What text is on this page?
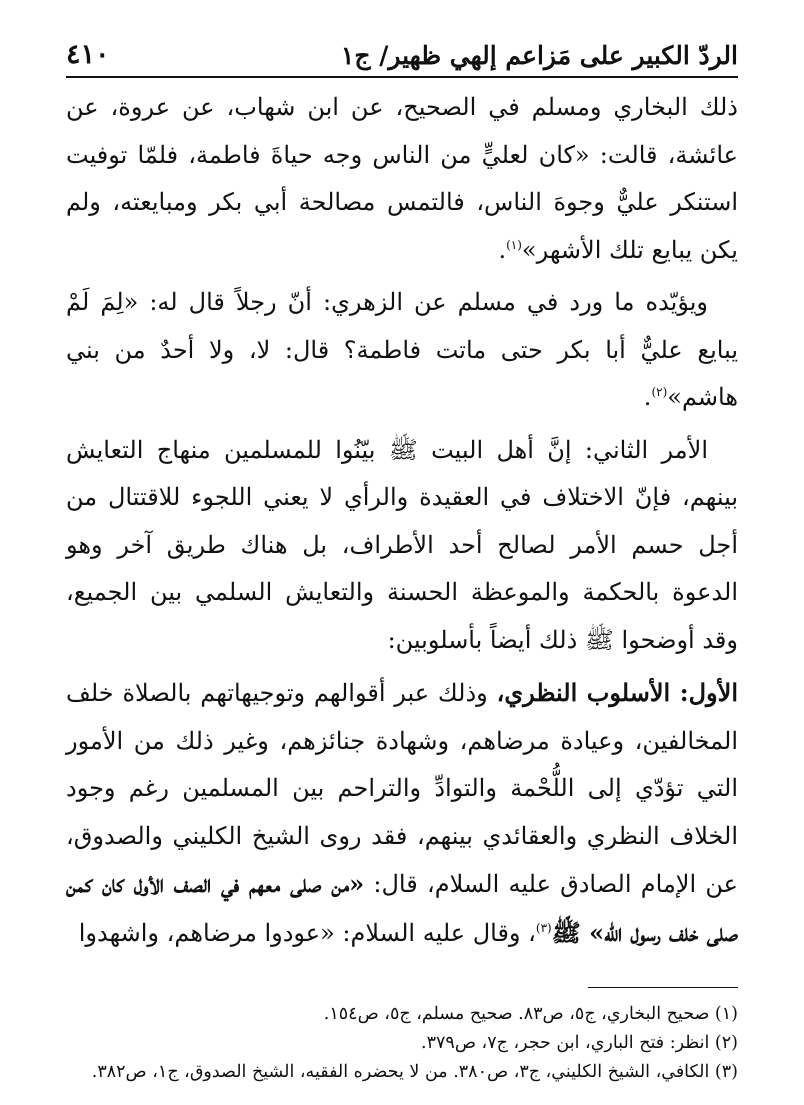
الردّ الكبير على مَزاعم إلهي ظهير/ ج١
٤١٠

ذلك البخاري ومسلم في الصحيح، عن ابن شهاب، عن عروة، عن عائشة، قالت: «كان لعليٍّ من الناس وجه حياةَ فاطمة، فلمّا توفيت استنكر عليٌّ وجوهَ الناس، فالتمس مصالحة أبي بكر ومبايعته، ولم يكن يبايع تلك الأشهر»$^{(١)}$.

ويؤيّده ما ورد في مسلم عن الزهري: أنّ رجلاً قال له: «لِمَ لَمْ يبايع عليٌّ أبا بكر حتى ماتت فاطمة؟ قال: لا، ولا أحدٌ من بني هاشم»$^{(٢)}$.

الأمر الثاني: إنَّ أهل البيت ﷺ بيّنُوا للمسلمين منهاج التعايش بينهم، فإنّ الاختلاف في العقيدة والرأي لا يعني اللجوء للاقتتال من أجل حسم الأمر لصالح أحد الأطراف، بل هناك طريق آخر وهو الدعوة بالحكمة والموعظة الحسنة والتعايش السلمي بين الجميع، وقد أوضحوا ﷺ ذلك أيضاً بأسلوبين:

الأول: الأسلوب النظري، وذلك عبر أقوالهم وتوجيهاتهم بالصلاة خلف المخالفين، وعيادة مرضاهم، وشهادة جنائزهم، وغير ذلك من الأمور التي تؤدّي إلى اللُّحْمة والتوادِّ والتراحم بين المسلمين رغم وجود الخلاف النظري والعقائدي بينهم، فقد روى الشيخ الكليني والصدوق، عن الإمام الصادق عليه السلام، قال: «من صلى معهم في الصف الأول كان كمن صلى خلف رسول الله» ﷺ$^{(٣)}$، وقال عليه السلام: «عودوا مرضاهم، واشهدوا

(١) صحيح البخاري، ج٥، ص٨٣. صحيح مسلم، ج٥، ص١٥٤.
(٢) انظر: فتح الباري، ابن حجر، ج٧، ص٣٧٩.
(٣) الكافي، الشيخ الكليني، ج٣، ص٣٨٠. من لا يحضره الفقيه، الشيخ الصدوق، ج١، ص٣٨٢.
